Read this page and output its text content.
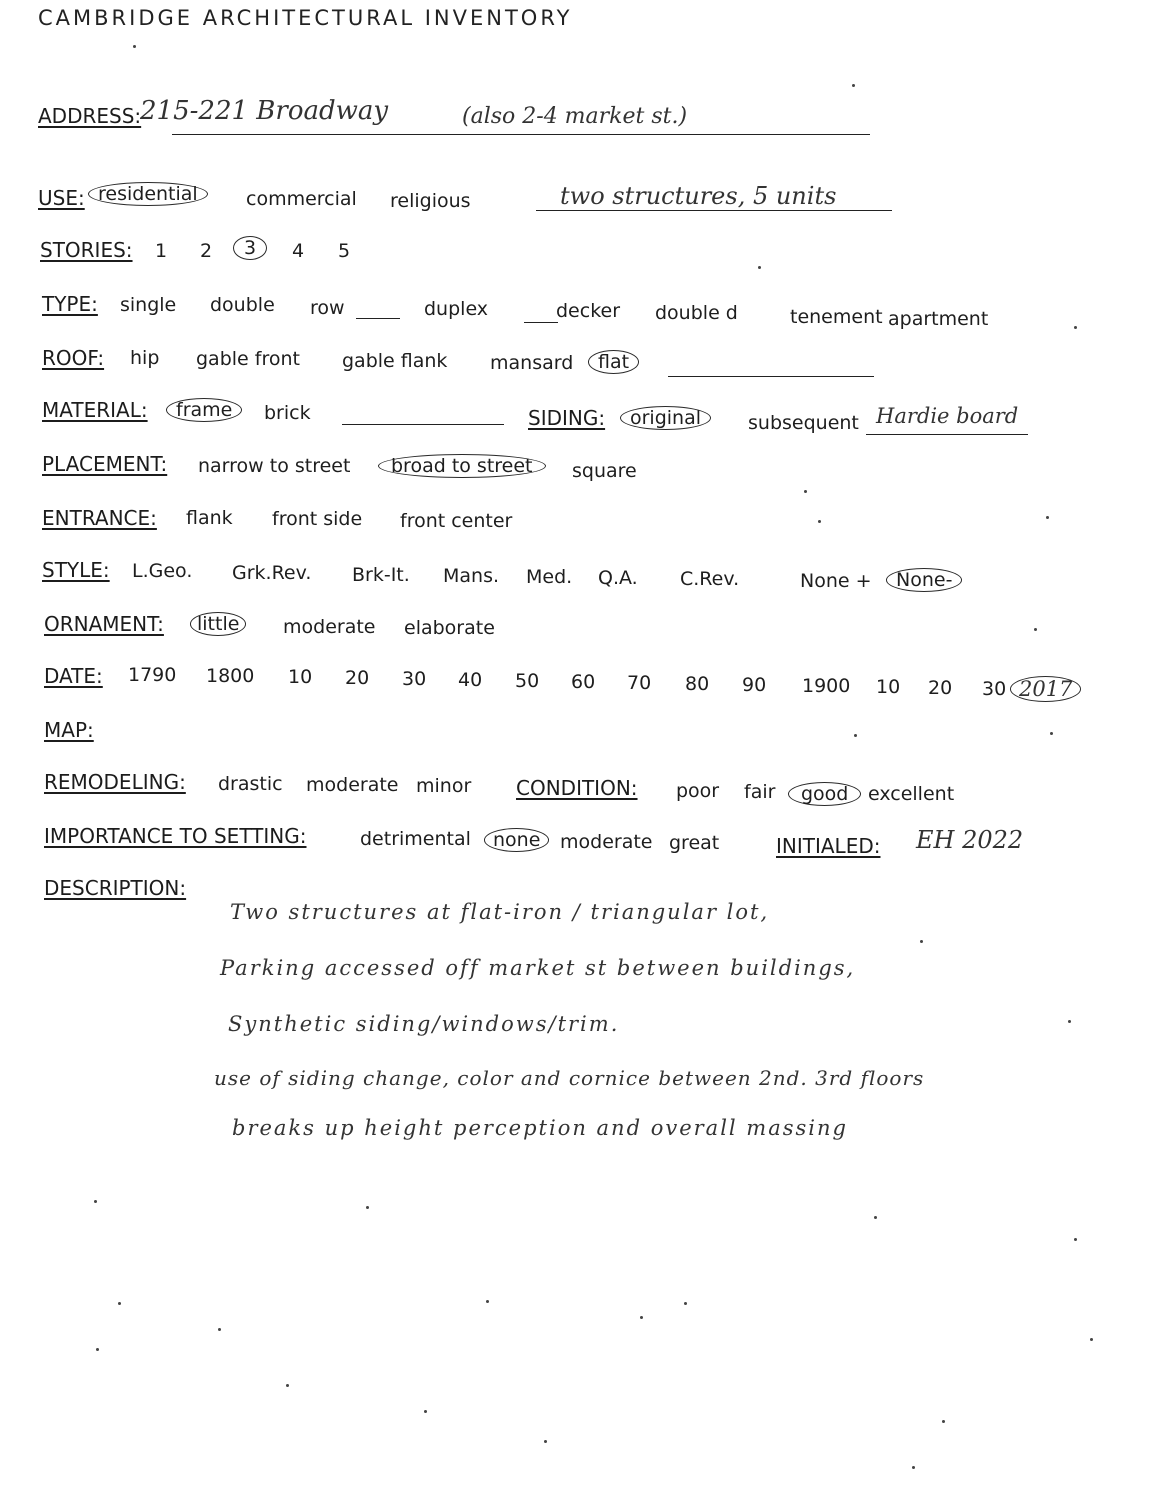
CAMBRIDGE ARCHITECTURAL INVENTORY
ADDRESS:
215-221 Broadway	(also 2-4 market st.)
USE: residential	commercial religious	two structures, 5 units
STORIES: 1 2	3	4 5
TYPE: single double row	duplex	decker double d	tenement apartment
ROOF: hip gable front gable flank mansard	flat
MATERIAL:	frame	brick	SIDING:	original	subsequent Hardie board
PLACEMENT: narrow to street	broad to street	square
ENTRANCE: flank front side front center
STYLE: L.Geo. Grk.Rev. Brk-It. Mans. Med. Q.A. C.Rev.	None +	None-
ORNAMENT:	little	moderate elaborate
DATE: 1790 1800 10 20 30 40 50 60 70 80 90 1900 10 20 30 2017
MAP:
REMODELING: drastic moderate minor CONDITION: poor fair	good	excellent
IMPORTANCE TO SETTING:	detrimental	none	moderate great	INITIALED: EH 2022
DESCRIPTION:
Two structures at flat-iron / triangular lot,
Parking accessed off market st between buildings,
Synthetic siding/windows/trim.
use of siding change, color and cornice between 2nd. 3rd floors
breaks up height perception and overall massing
